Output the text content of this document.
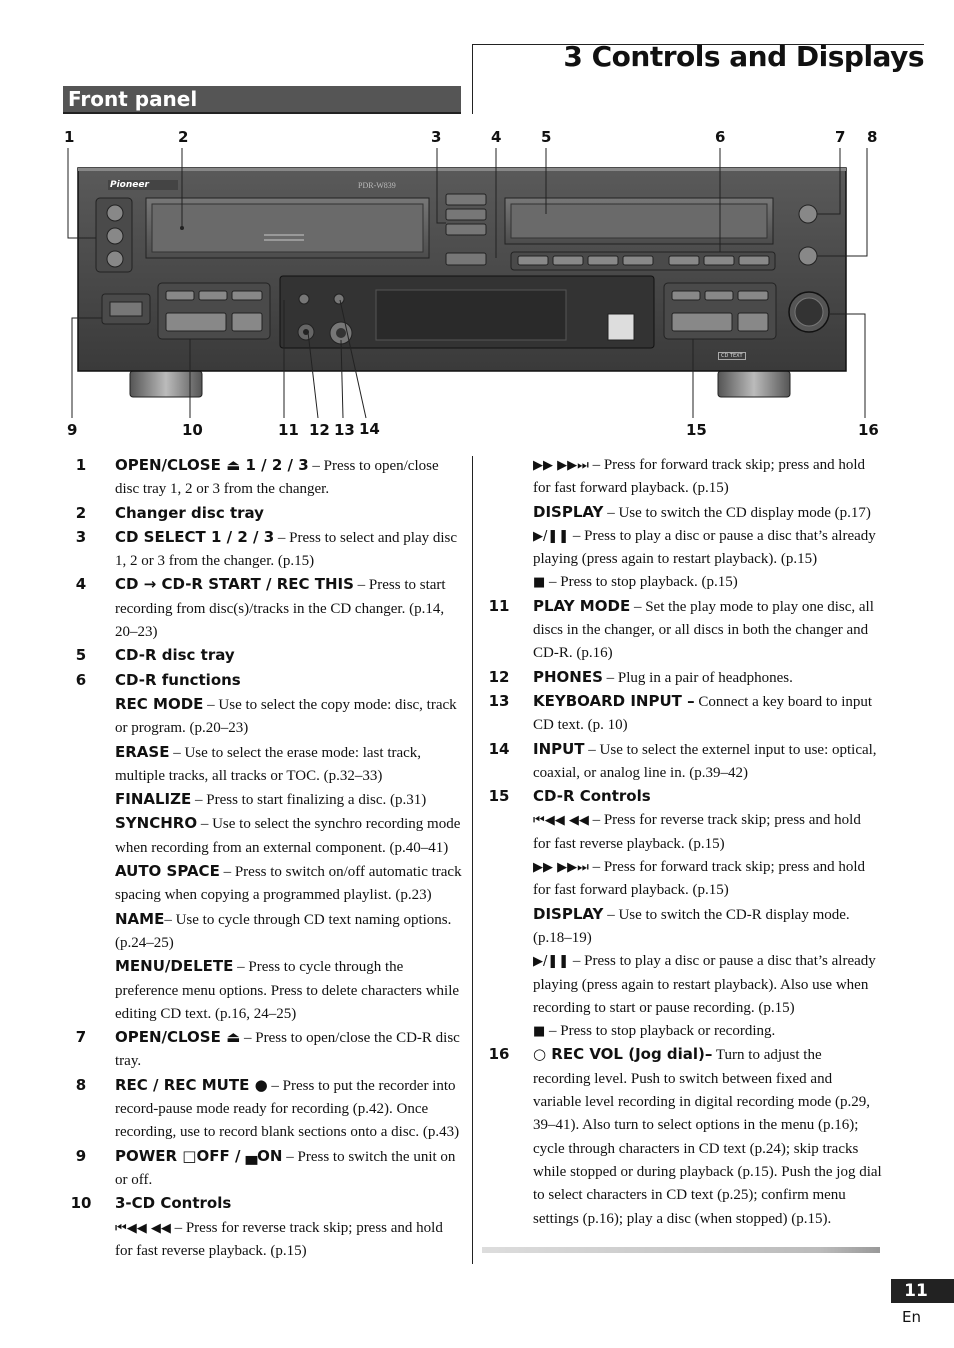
3 Controls and Displays
Front panel
1	2	3	4	5	6	7 8
9	10	11 12 13 14	15	16
Pioneer	PDR-W839
CD TEXT
1	OPEN/CLOSE ⏏ 1 / 2 / 3 – Press to open/close disc tray 1, 2 or 3 from the changer.
2	Changer disc tray
3	CD SELECT 1 / 2 / 3 – Press to select and play disc 1, 2 or 3 from the changer. (p.15)
4	CD → CD-R START / REC THIS – Press to start recording from disc(s)/tracks in the CD changer. (p.14, 20–23)
5	CD-R disc tray
6	CD-R functions
REC MODE – Use to select the copy mode: disc, track or program. (p.20–23)
ERASE – Use to select the erase mode: last track, multiple tracks, all tracks or TOC. (p.32–33)
FINALIZE – Press to start finalizing a disc. (p.31)
SYNCHRO – Use to select the synchro recording mode when recording from an external component. (p.40–41)
AUTO SPACE – Press to switch on/off automatic track spacing when copying a programmed playlist. (p.23)
NAME– Use to cycle through CD text naming options. (p.24–25)
MENU/DELETE – Press to cycle through the preference menu options. Press to delete characters while editing CD text. (p.16, 24–25)
7	OPEN/CLOSE ⏏ – Press to open/close the CD-R disc tray.
8	REC / REC MUTE ● – Press to put the recorder into record-pause mode ready for recording (p.42). Once recording, use to record blank sections onto a disc. (p.43)
9	POWER □OFF / ▄ON – Press to switch the unit on or off.
10 3-CD Controls
⏮◀◀ ◀◀ – Press for reverse track skip; press and hold for fast reverse playback. (p.15)
▶▶ ▶▶⏭ – Press for forward track skip; press and hold for fast forward playback. (p.15)
DISPLAY – Use to switch the CD display mode (p.17)
▶/❚❚ – Press to play a disc or pause a disc that’s already playing (press again to restart playback). (p.15)
■ – Press to stop playback. (p.15)
11 PLAY MODE – Set the play mode to play one disc, all discs in the changer, or all discs in both the changer and CD-R. (p.16)
12 PHONES – Plug in a pair of headphones.
13 KEYBOARD INPUT – Connect a key board to input CD text. (p. 10)
14 INPUT – Use to select the externel input to use: optical, coaxial, or analog line in. (p.39–42)
15 CD-R Controls
⏮◀◀ ◀◀ – Press for reverse track skip; press and hold for fast reverse playback. (p.15)
▶▶ ▶▶⏭ – Press for forward track skip; press and hold for fast forward playback. (p.15)
DISPLAY – Use to switch the CD-R display mode. (p.18–19)
▶/❚❚ – Press to play a disc or pause a disc that’s already playing (press again to restart playback). Also use when recording to start or pause recording. (p.15)
■ – Press to stop playback or recording.
16 ○ REC VOL (Jog dial)– Turn to adjust the recording level. Push to switch between fixed and variable level recording in digital recording mode (p.29, 39–41). Also turn to select options in the menu (p.16); cycle through characters in CD text (p.24); skip tracks while stopped or during playback (p.15). Push the jog dial to select characters in CD text (p.25); confirm menu settings (p.16); play a disc (when stopped) (p.15).
11
En
